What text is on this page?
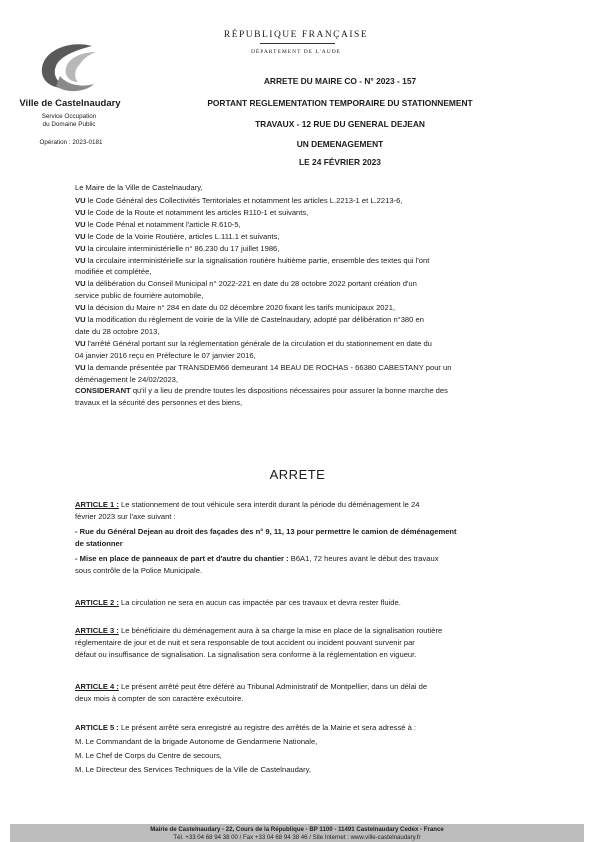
RÉPUBLIQUE FRANÇAISE
DÉPARTEMENT DE L'AUDE
Ville de Castelnaudary
Service Occupation
du Domaine Public
Opération : 2023-0181
ARRETE DU MAIRE CO - N° 2023 - 157
PORTANT REGLEMENTATION TEMPORAIRE DU STATIONNEMENT
TRAVAUX - 12 RUE DU GENERAL DEJEAN
UN DEMENAGEMENT
LE 24 FÉVRIER 2023
Le Maire de la Ville de Castelnaudary,
VU le Code Général des Collectivités Territoriales et notamment les articles L.2213-1 et L.2213-6,
VU le Code de la Route et notamment les articles R110-1 et suivants,
VU le Code Pénal et notamment l'article R.610-5,
VU le Code de la Voirie Routière, articles L.111.1 et suivants,
VU la circulaire interministérielle n° 86.230 du 17 juillet 1986,
VU la circulaire interministérielle sur la signalisation routière huitième partie, ensemble des textes qui l'ont
modifiée et complétée,
VU la délibération du Conseil Municipal n° 2022-221 en date du 28 octobre 2022 portant création d'un
service public de fourrière automobile,
VU la décision du Maire n° 284 en date du 02 décembre 2020 fixant les tarifs municipaux 2021,
VU la modification du règlement de voirie de la Ville de Castelnaudary, adopté par délibération n°380 en
date du 28 octobre 2013,
VU l'arrêté Général portant sur la réglementation générale de la circulation et du stationnement en date du
04 janvier 2016 reçu en Préfecture le 07 janvier 2016,
VU la demande présentée par TRANSDEM66 demeurant 14 BEAU DE ROCHAS - 66380 CABESTANY pour un
déménagement le 24/02/2023,
CONSIDERANT qu'il y a lieu de prendre toutes les dispositions nécessaires pour assurer la bonne marche des
travaux et la sécurité des personnes et des biens,
ARRETE
ARTICLE 1 : Le stationnement de tout véhicule sera interdit durant la période du déménagement le 24
février 2023 sur l'axe suivant :
- Rue du Général Dejean au droit des façades des n° 9, 11, 13 pour permettre le camion de déménagement
de stationner
- Mise en place de panneaux de part et d'autre du chantier : B6A1, 72 heures avant le début des travaux
sous contrôle de la Police Municipale.
ARTICLE 2 : La circulation ne sera en aucun cas impactée par ces travaux et devra rester fluide.
ARTICLE 3 : Le bénéficiaire du déménagement aura à sa charge la mise en place de la signalisation routière
réglementaire de jour et de nuit et sera responsable de tout accident ou incident pouvant survenir par
défaut ou insuffisance de signalisation. La signalisation sera conforme à la réglementation en vigueur.
ARTICLE 4 : Le présent arrêté peut être déféré au Tribunal Administratif de Montpellier, dans un délai de
deux mois à compter de son caractère exécutoire.
ARTICLE 5 : Le présent arrêté sera enregistré au registre des arrêtés de la Mairie et sera adressé à :
M. Le Commandant de la brigade Autonome de Gendarmerie Nationale,
M. Le Chef de Corps du Centre de secours,
M. Le Directeur des Services Techniques de la Ville de Castelnaudary,
Mairie de Castelnaudary - 22, Cours de la République - BP 1100 - 11491 Castelnaudary Cedex - France
Tél. +33 04 68 94 38 00 / Fax +33 04 68 94 38 46 / Site Internet : www.ville-castelnaudary.fr
